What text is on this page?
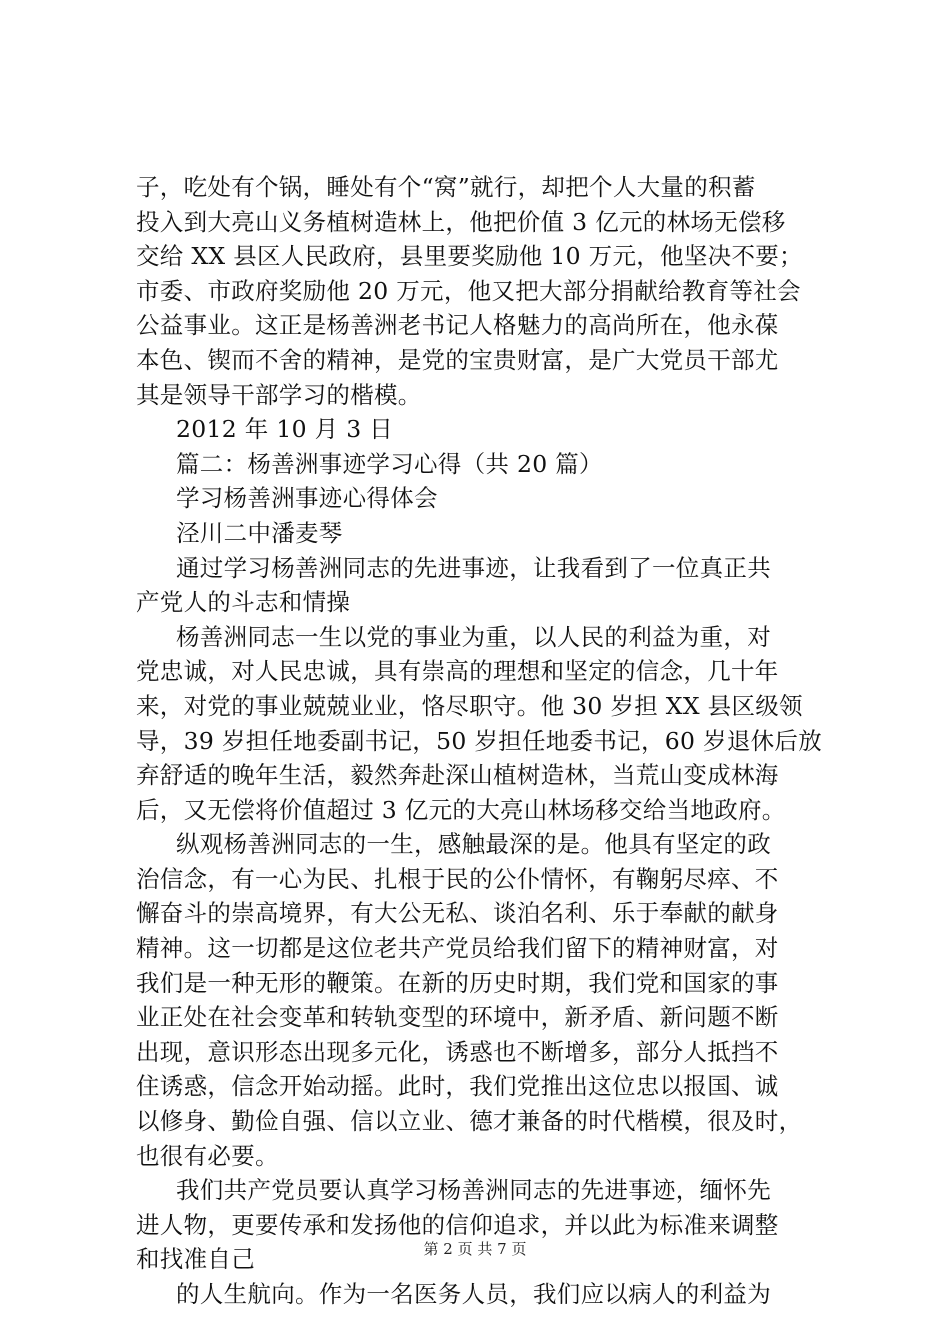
子，吃处有个锅，睡处有个“窝”就行，却把个人大量的积蓄
投入到大亮山义务植树造林上，他把价值 3 亿元的林场无偿移
交给 XX 县区人民政府，县里要奖励他 10 万元，他坚决不要；
市委、市政府奖励他 20 万元，他又把大部分捐献给教育等社会
公益事业。这正是杨善洲老书记人格魅力的高尚所在，他永葆
本色、锲而不舍的精神，是党的宝贵财富，是广大党员干部尤
其是领导干部学习的楷模。
2012 年 10 月 3 日
篇二：杨善洲事迹学习心得（共 20 篇）
学习杨善洲事迹心得体会
泾川二中潘麦琴
通过学习杨善洲同志的先进事迹，让我看到了一位真正共
产党人的斗志和情操
杨善洲同志一生以党的事业为重，以人民的利益为重，对
党忠诚，对人民忠诚，具有崇高的理想和坚定的信念，几十年
来，对党的事业兢兢业业，恪尽职守。他 30 岁担 XX 县区级领
导，39 岁担任地委副书记，50 岁担任地委书记，60 岁退休后放
弃舒适的晚年生活，毅然奔赴深山植树造林，当荒山变成林海
后，又无偿将价值超过 3 亿元的大亮山林场移交给当地政府。
纵观杨善洲同志的一生，感触最深的是。他具有坚定的政
治信念，有一心为民、扎根于民的公仆情怀，有鞠躬尽瘁、不
懈奋斗的崇高境界，有大公无私、谈泊名利、乐于奉献的献身
精神。这一切都是这位老共产党员给我们留下的精神财富，对
我们是一种无形的鞭策。在新的历史时期，我们党和国家的事
业正处在社会变革和转轨变型的环境中，新矛盾、新问题不断
出现，意识形态出现多元化，诱惑也不断增多，部分人抵挡不
住诱惑，信念开始动摇。此时，我们党推出这位忠以报国、诚
以修身、勤俭自强、信以立业、德才兼备的时代楷模，很及时，
也很有必要。
我们共产党员要认真学习杨善洲同志的先进事迹，缅怀先
进人物，更要传承和发扬他的信仰追求，并以此为标准来调整
和找准自己
的人生航向。作为一名医务人员，我们应以病人的利益为
第 2 页 共 7 页
